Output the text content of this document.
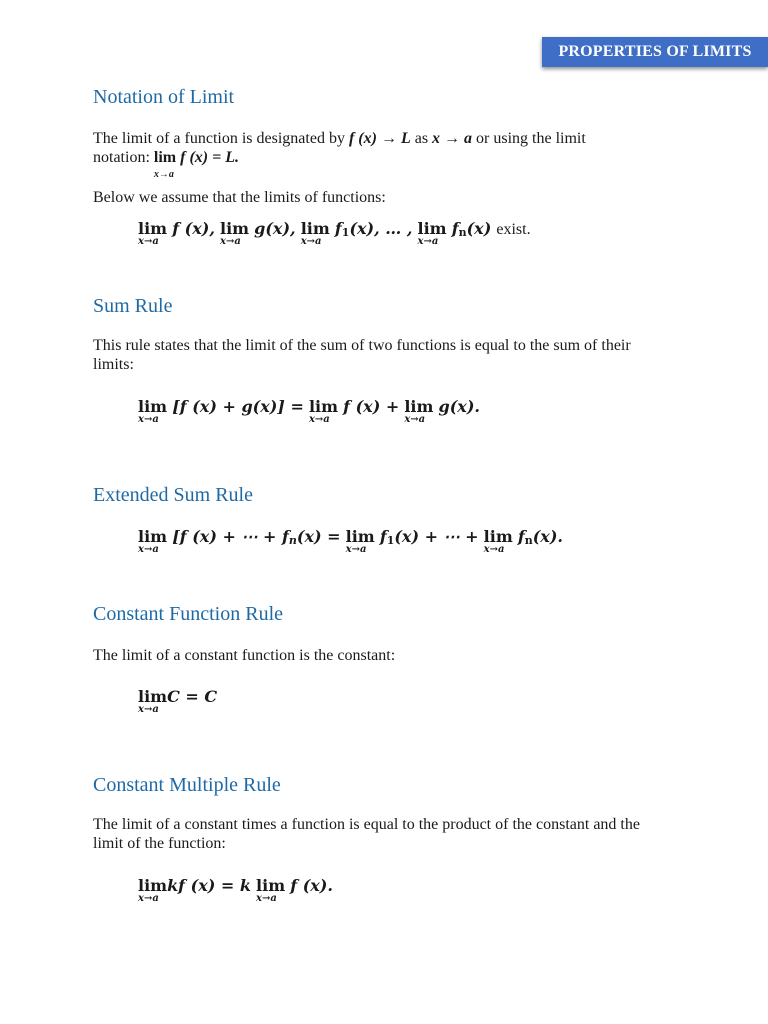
PROPERTIES OF LIMITS
Notation of Limit

The limit of a function is designated by f (x) → L as x → a or using the limit
notation: lim
x→a
f (x) = L.

Below we assume that the limits of functions:

lim
x→a
f (x), lim
x→a
g(x), lim
x→a
f1(x), … , lim
x→a
fn(x) exist.
Sum Rule

This rule states that the limit of the sum of two functions is equal to the sum of their limits:

lim
x→a
[f (x) + g(x)] = lim
x→a
f (x) + lim
x→a
g(x).
Extended Sum Rule
lim
x→a
[f (x) + ⋯ + fn(x) = lim
x→a
f1(x) + ⋯ + lim
x→a
fn(x).
Constant Function Rule

The limit of a constant function is the constant:

lim
x→a
C = C
Constant Multiple Rule

The limit of a constant times a function is equal to the product of the constant and the limit of the function:

lim
x→a
kf (x) = k lim
x→a
f (x).
